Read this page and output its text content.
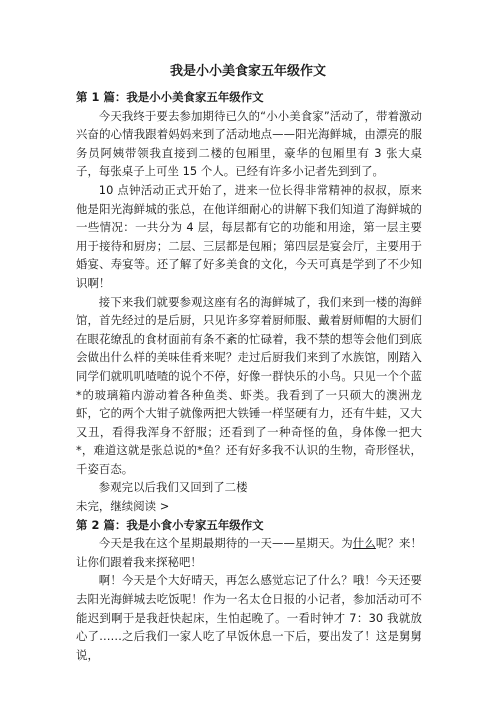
我是小小美食家五年级作文
第 1 篇：我是小小美食家五年级作文

今天我终于要去参加期待已久的“小小美食家”活动了，带着激动兴奋的心情我跟着妈妈来到了活动地点——阳光海鲜城，由漂亮的服务员阿姨带领我直接到二楼的包厢里，豪华的包厢里有 3 张大桌子，每张桌子上可坐 15 个人。已经有许多小记者先到到了。

10 点钟活动正式开始了，进来一位长得非常精神的叔叔，原来他是阳光海鲜城的张总，在他详细耐心的讲解下我们知道了海鲜城的一些情况：一共分为 4 层，每层都有它的功能和用途，第一层主要用于接待和厨房；二层、三层都是包厢；第四层是宴会厅，主要用于婚宴、寿宴等。还了解了好多美食的文化，今天可真是学到了不少知识啊！

接下来我们就要参观这座有名的海鲜城了，我们来到一楼的海鲜馆，首先经过的是后厨，只见许多穿着厨师服、戴着厨师帽的大厨们在眼花缭乱的食材面前有条不紊的忙碌着，我不禁的想等会他们到底会做出什么样的美味佳肴来呢？走过后厨我们来到了水族馆，刚踏入同学们就叽叽喳喳的说个不停，好像一群快乐的小鸟。只见一个个蓝*的玻璃箱内游动着各种鱼类、虾类。我看到了一只硕大的澳洲龙虾，它的两个大钳子就像两把大铁锤一样坚硬有力，还有牛蛙，又大又丑，看得我浑身不舒服；还看到了一种奇怪的鱼，身体像一把大*，难道这就是张总说的*鱼？还有好多我不认识的生物，奇形怪状，千姿百态。

参观完以后我们又回到了二楼

未完，继续阅读 >
第 2 篇：我是小食小专家五年级作文

今天是我在这个星期最期待的一天——星期天。为什么呢？来！让你们跟着我来探秘吧！

啊！今天是个大好晴天，再怎么感觉忘记了什么？哦！今天还要去阳光海鲜城去吃饭呢！作为一名太仓日报的小记者，参加活动可不能迟到啊于是我赶快起床，生怕起晚了。一看时钟才 7：30 我就放心了……之后我们一家人吃了早饭休息一下后，要出发了！这是舅舅说，
